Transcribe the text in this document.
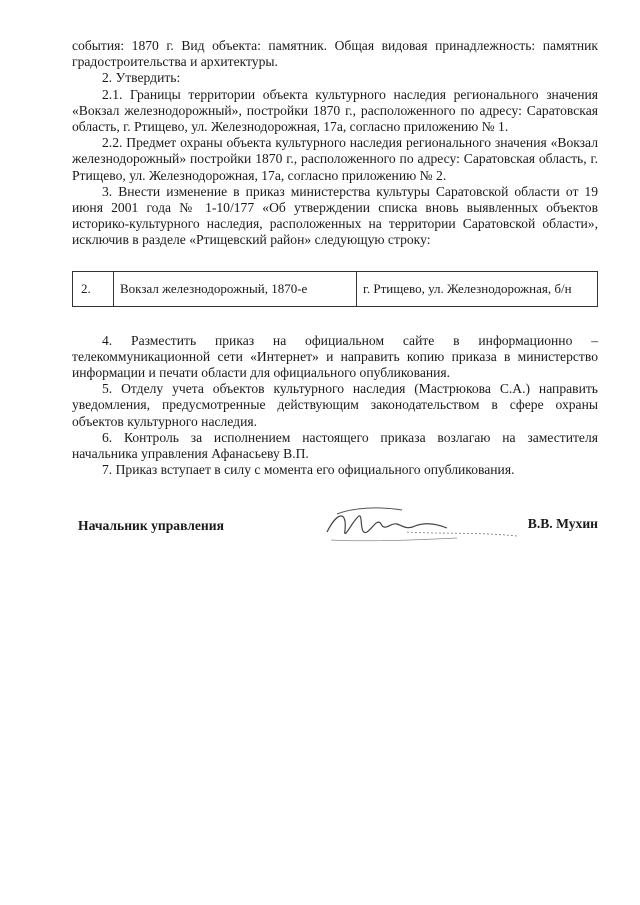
события: 1870 г. Вид объекта: памятник. Общая видовая принадлежность: памятник градостроительства и архитектуры.

2. Утвердить:

2.1. Границы территории объекта культурного наследия регионального значения «Вокзал железнодорожный», постройки 1870 г., расположенного по адресу: Саратовская область, г. Ртищево, ул. Железнодорожная, 17а, согласно приложению № 1.

2.2. Предмет охраны объекта культурного наследия регионального значения «Вокзал железнодорожный» постройки 1870 г., расположенного по адресу: Саратовская область, г. Ртищево, ул. Железнодорожная, 17а, согласно приложению № 2.

3. Внести изменение в приказ министерства культуры Саратовской области от 19 июня 2001 года № 1-10/177 «Об утверждении списка вновь выявленных объектов историко-культурного наследия, расположенных на территории Саратовской области», исключив в разделе «Ртищевский район» следующую строку:

2.	Вокзал железнодорожный, 1870-е	г. Ртищево, ул. Железнодорожная, б/н

4. Разместить приказ на официальном сайте в информационно – телекоммуникационной сети «Интернет» и направить копию приказа в министерство информации и печати области для официального опубликования.

5. Отделу учета объектов культурного наследия (Мастрюкова С.А.) направить уведомления, предусмотренные действующим законодательством в сфере охраны объектов культурного наследия.

6. Контроль за исполнением настоящего приказа возлагаю на заместителя начальника управления Афанасьеву В.П.

7. Приказ вступает в силу с момента его официального опубликования.

Начальник управления	В.В. Мухин
